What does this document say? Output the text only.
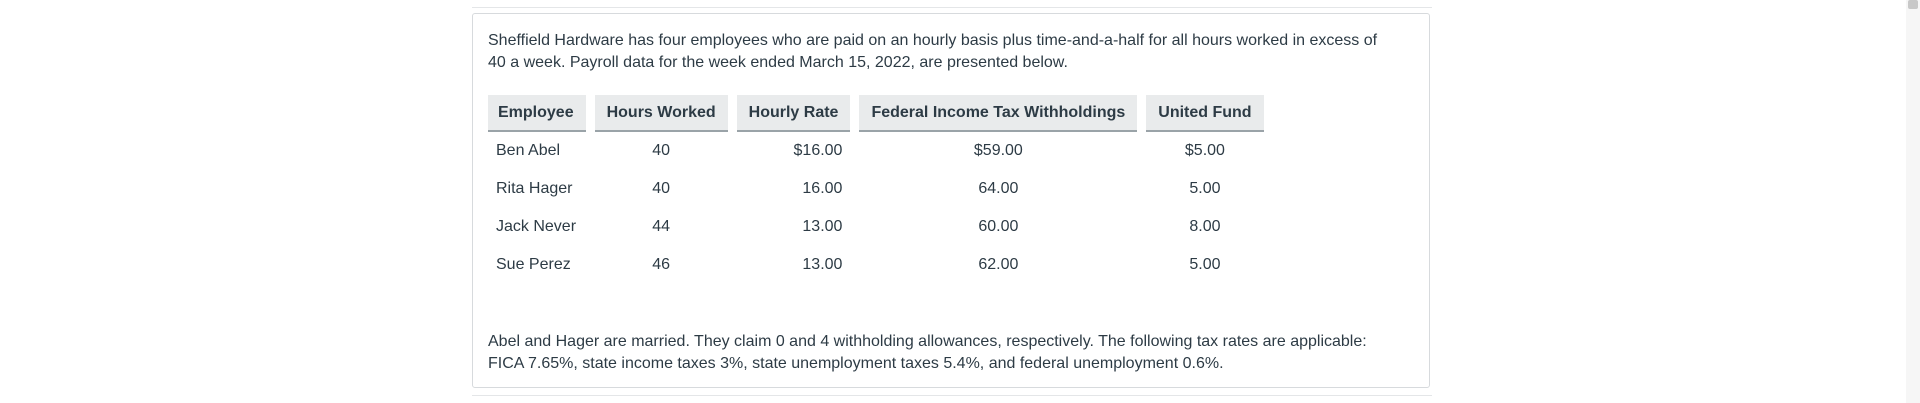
Sheffield Hardware has four employees who are paid on an hourly basis plus time-and-a-half for all hours worked in excess of 40 a week. Payroll data for the week ended March 15, 2022, are presented below.

Employee		Hours Worked		Hourly Rate		Federal Income Tax Withholdings		United Fund
Ben Abel		40		$16.00		$59.00		$5.00
Rita Hager		40		16.00		64.00		5.00
Jack Never		44		13.00		60.00		8.00
Sue Perez		46		13.00		62.00		5.00

Abel and Hager are married. They claim 0 and 4 withholding allowances, respectively. The following tax rates are applicable: FICA 7.65%, state income taxes 3%, state unemployment taxes 5.4%, and federal unemployment 0.6%.
